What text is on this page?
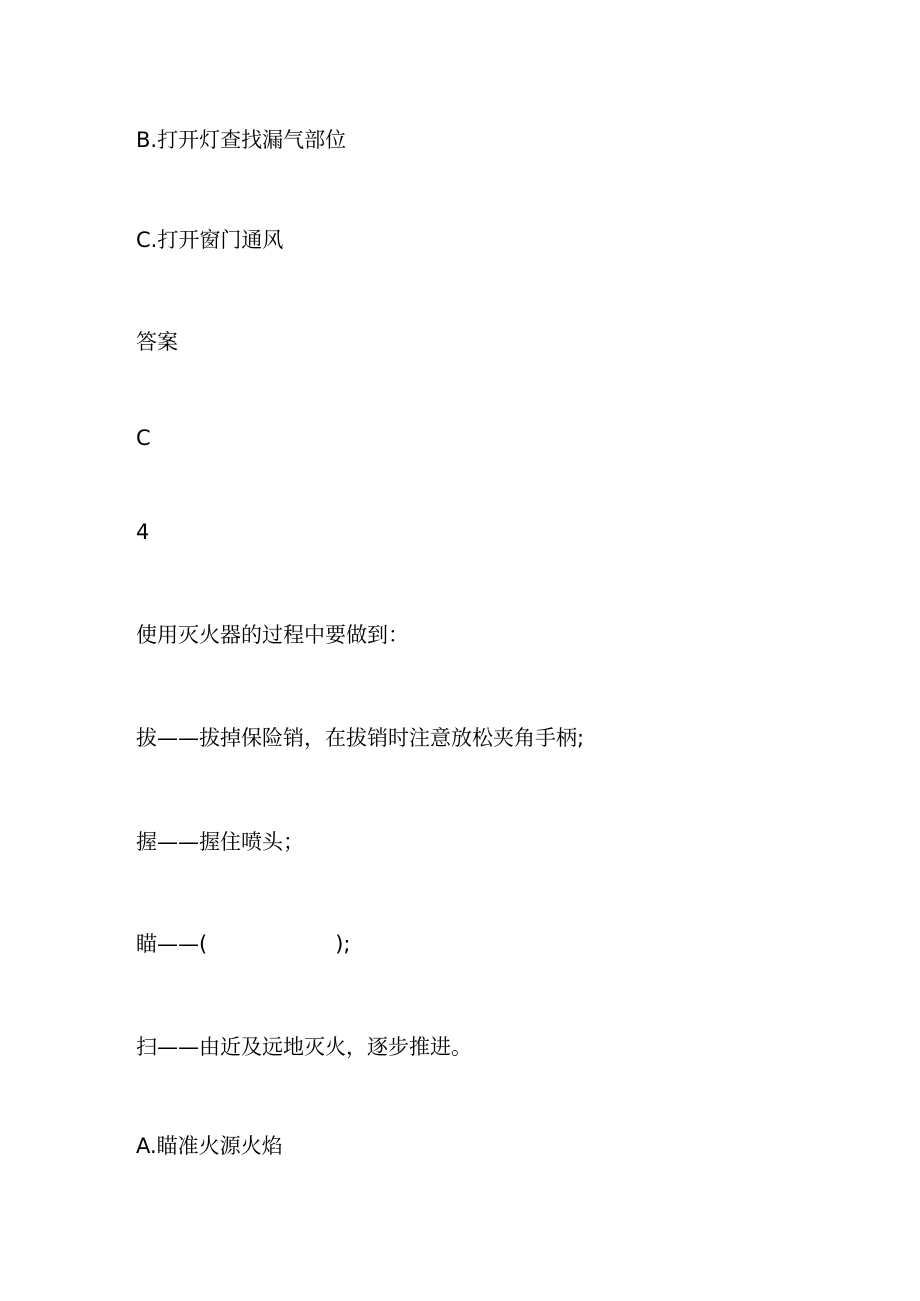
B.打开灯查找漏气部位
C.打开窗门通风
答案
C
4
使用灭火器的过程中要做到：
拔——拔掉保险销，在拔销时注意放松夹角手柄;
握——握住喷头；
瞄——(	);
扫——由近及远地灭火，逐步推进。
A.瞄准火源火焰
